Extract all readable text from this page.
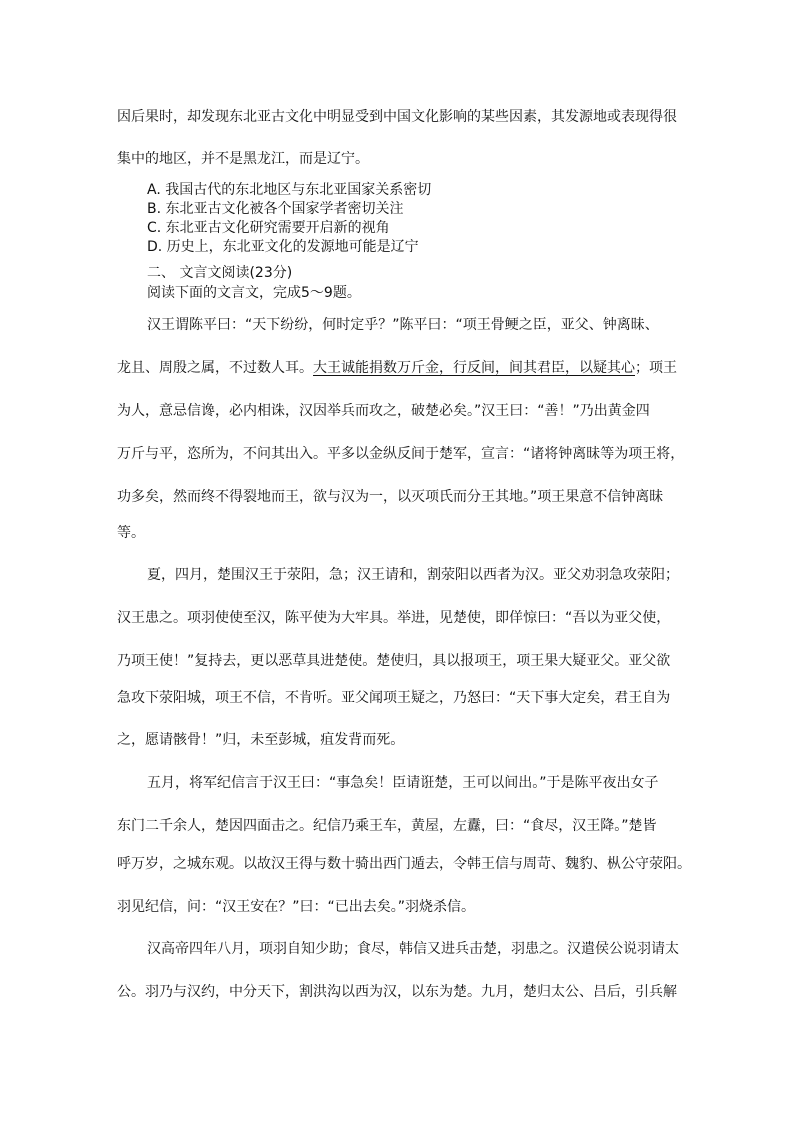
因后果时，却发现东北亚古文化中明显受到中国文化影响的某些因素，其发源地或表现得很
集中的地区，并不是黑龙江，而是辽宁。
A. 我国古代的东北地区与东北亚国家关系密切
B. 东北亚古文化被各个国家学者密切关注
C. 东北亚古文化研究需要开启新的视角
D. 历史上，东北亚文化的发源地可能是辽宁
二、 文言文阅读(23分)
阅读下面的文言文，完成5～9题。
汉王谓陈平曰：“天下纷纷，何时定乎？”陈平曰：“项王骨鲠之臣，亚父、钟离昧、
龙且、周殷之属，不过数人耳。大王诚能捐数万斤金，行反间，间其君臣，以疑其心；项王
为人，意忌信谗，必内相诛，汉因举兵而攻之，破楚必矣。”汉王曰：“善！”乃出黄金四
万斤与平，恣所为，不问其出入。平多以金纵反间于楚军，宣言：“诸将钟离昧等为项王将，
功多矣，然而终不得裂地而王，欲与汉为一，以灭项氏而分王其地。”项王果意不信钟离昧
等。
夏，四月，楚围汉王于荥阳，急；汉王请和，割荥阳以西者为汉。亚父劝羽急攻荥阳；
汉王患之。项羽使使至汉，陈平使为大牢具。举进，见楚使，即佯惊曰：“吾以为亚父使，
乃项王使！”复持去，更以恶草具进楚使。楚使归，具以报项王，项王果大疑亚父。亚父欲
急攻下荥阳城，项王不信，不肯听。亚父闻项王疑之，乃怒曰：“天下事大定矣，君王自为
之，愿请骸骨！”归，未至彭城，疽发背而死。
五月，将军纪信言于汉王曰：“事急矣！臣请诳楚，王可以间出。”于是陈平夜出女子
东门二千余人，楚因四面击之。纪信乃乘王车，黄屋，左纛，曰：“食尽，汉王降。”楚皆
呼万岁，之城东观。以故汉王得与数十骑出西门遁去，令韩王信与周苛、魏豹、枞公守荥阳。
羽见纪信，问：“汉王安在？”曰：“已出去矣。”羽烧杀信。
汉高帝四年八月，项羽自知少助；食尽，韩信又进兵击楚，羽患之。汉遣侯公说羽请太
公。羽乃与汉约，中分天下，割洪沟以西为汉，以东为楚。九月，楚归太公、吕后，引兵解
